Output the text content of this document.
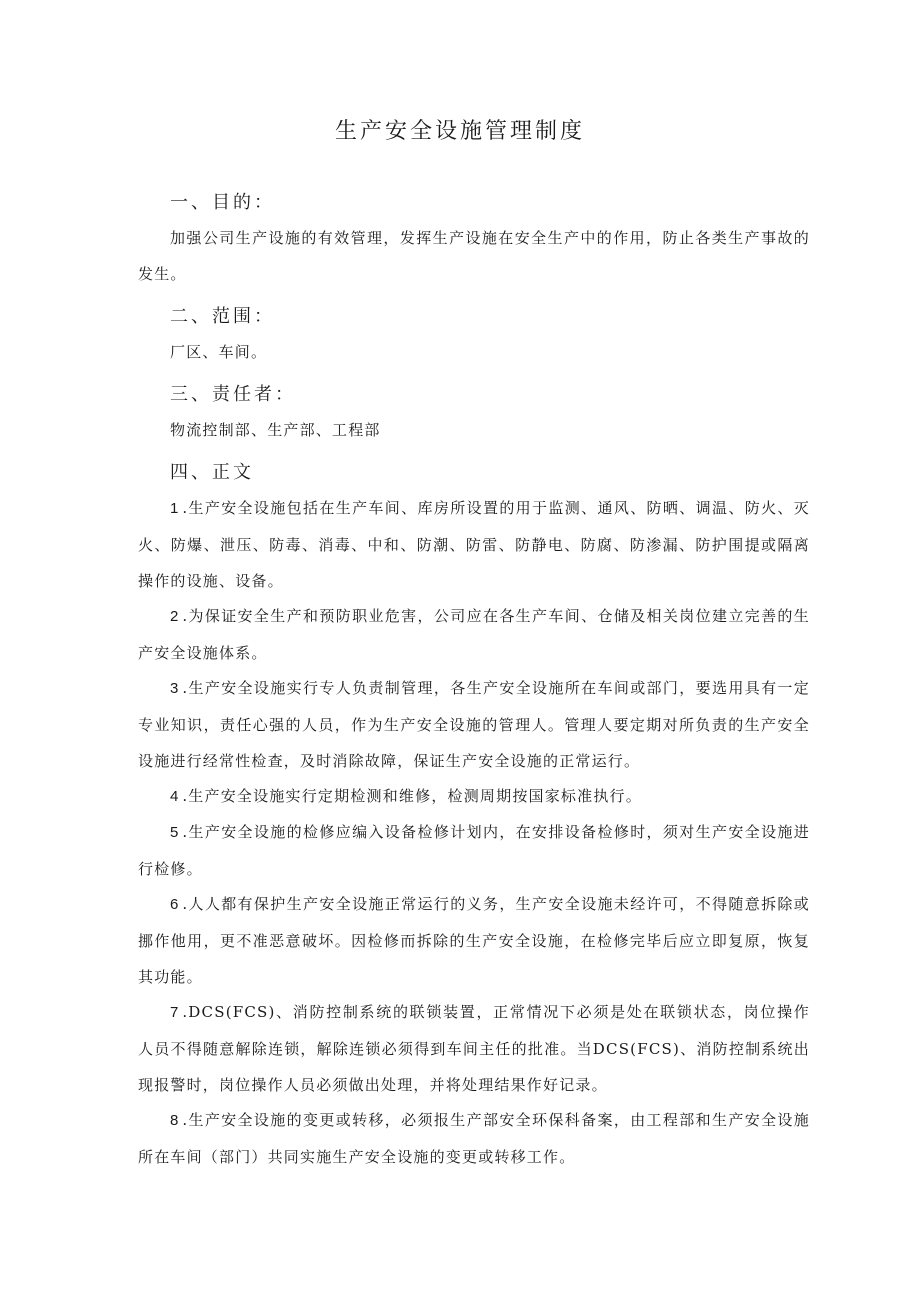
生产安全设施管理制度
一、目的：

加强公司生产设施的有效管理，发挥生产设施在安全生产中的作用，防止各类生产事故的发生。

二、范围：

厂区、车间。

三、责任者：

物流控制部、生产部、工程部

四、正文

1.生产安全设施包括在生产车间、库房所设置的用于监测、通风、防晒、调温、防火、灭火、防爆、泄压、防毒、消毒、中和、防潮、防雷、防静电、防腐、防渗漏、防护围提或隔离操作的设施、设备。

2.为保证安全生产和预防职业危害，公司应在各生产车间、仓储及相关岗位建立完善的生产安全设施体系。

3.生产安全设施实行专人负责制管理，各生产安全设施所在车间或部门，要选用具有一定专业知识，责任心强的人员，作为生产安全设施的管理人。管理人要定期对所负责的生产安全设施进行经常性检查，及时消除故障，保证生产安全设施的正常运行。

4.生产安全设施实行定期检测和维修，检测周期按国家标准执行。

5.生产安全设施的检修应编入设备检修计划内，在安排设备检修时，须对生产安全设施进行检修。

6.人人都有保护生产安全设施正常运行的义务，生产安全设施未经许可，不得随意拆除或挪作他用，更不准恶意破坏。因检修而拆除的生产安全设施，在检修完毕后应立即复原，恢复其功能。

7.DCS(FCS)、消防控制系统的联锁装置，正常情况下必须是处在联锁状态，岗位操作人员不得随意解除连锁，解除连锁必须得到车间主任的批准。当DCS(FCS)、消防控制系统出现报警时，岗位操作人员必须做出处理，并将处理结果作好记录。

8.生产安全设施的变更或转移，必须报生产部安全环保科备案，由工程部和生产安全设施所在车间（部门）共同实施生产安全设施的变更或转移工作。
